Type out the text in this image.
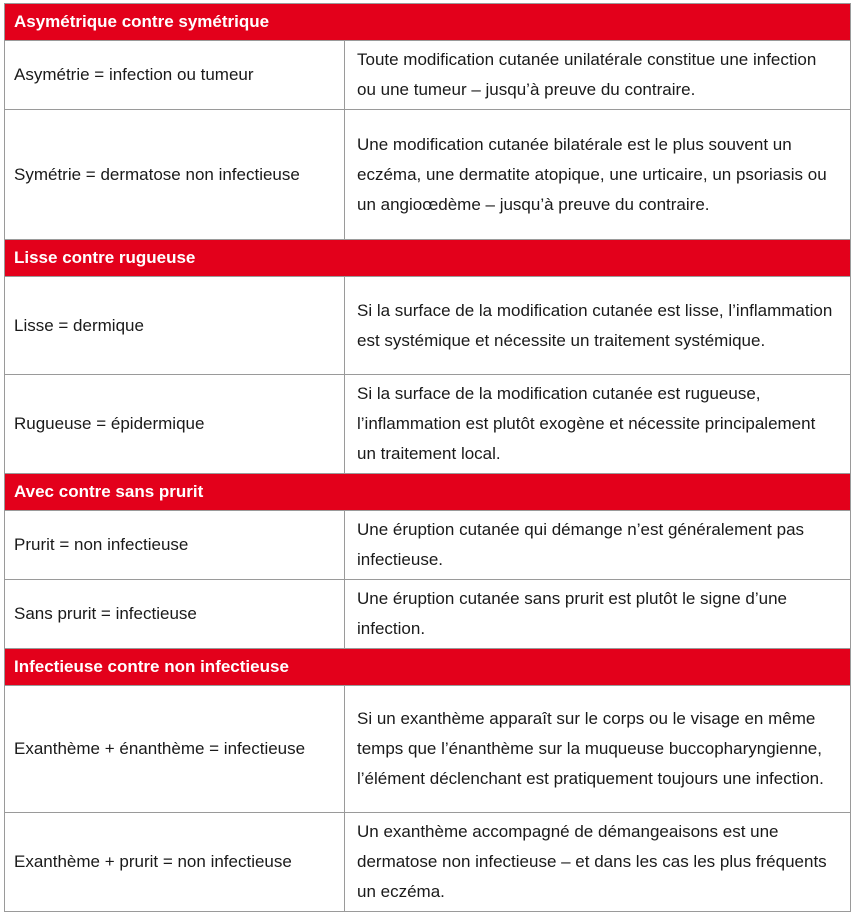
Asymétrique contre symétrique	
Asymétrie = infection ou tumeur	Toute modification cutanée unilatérale constitue une infection ou une tumeur – jusqu’à preuve du contraire.
Symétrie = dermatose non infectieuse	Une modification cutanée bilatérale est le plus souvent un eczéma, une dermatite atopique, une urticaire, un psoriasis ou un angioœdème – jusqu’à preuve du contraire.
Lisse contre rugueuse	
Lisse = dermique	Si la surface de la modification cutanée est lisse, l’inflammation est systémique et nécessite un traitement systémique.
Rugueuse = épidermique	Si la surface de la modification cutanée est rugueuse, l’inflammation est plutôt exogène et nécessite principalement un traitement local.
Avec contre sans prurit	
Prurit = non infectieuse	Une éruption cutanée qui démange n’est généralement pas infectieuse.
Sans prurit = infectieuse	Une éruption cutanée sans prurit est plutôt le signe d’une infection.
Infectieuse contre non infectieuse	
Exanthème + énanthème = infectieuse	Si un exanthème apparaît sur le corps ou le visage en même temps que l’énanthème sur la muqueuse buccopharyngienne, l’élément déclenchant est pratiquement toujours une infection.
Exanthème + prurit = non infectieuse	Un exanthème accompagné de démangeaisons est une dermatose non infectieuse – et dans les cas les plus fréquents un eczéma.
